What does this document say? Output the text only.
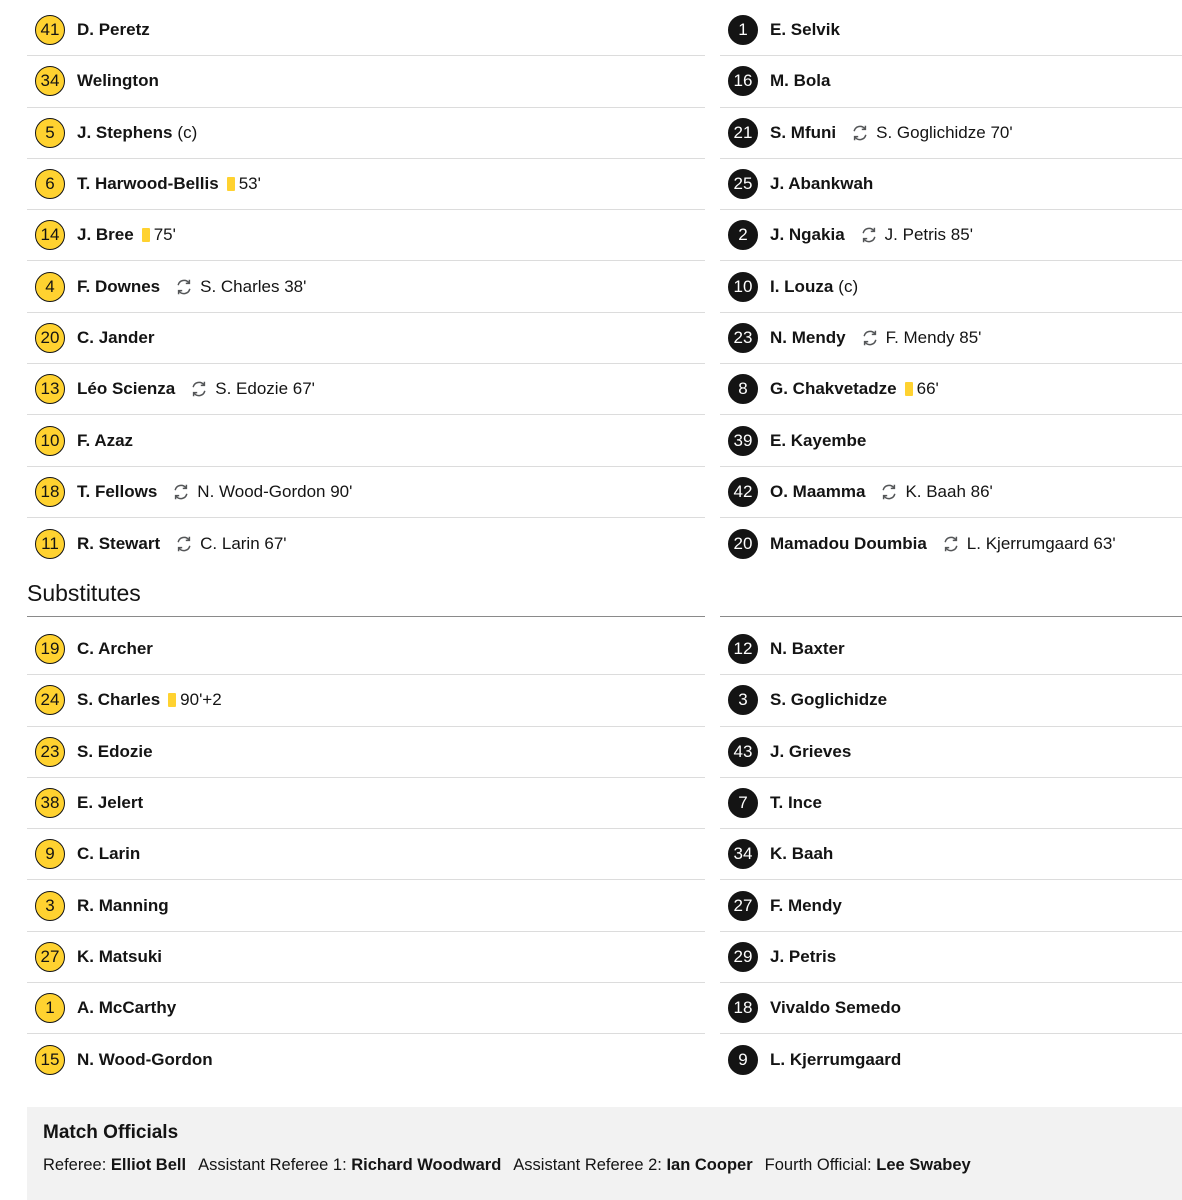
41	D. Peretz
34	Welington
5	J. Stephens (c)
6	T. Harwood-Bellis 53'
14	J. Bree 75'
4	F. Downes S. Charles 38'
20	C. Jander
13	Léo Scienza S. Edozie 67'
10	F. Azaz
18	T. Fellows N. Wood-Gordon 90'
11	R. Stewart C. Larin 67'
1	E. Selvik
16	M. Bola
21	S. Mfuni S. Goglichidze 70'
25	J. Abankwah
2	J. Ngakia J. Petris 85'
10	I. Louza (c)
23	N. Mendy F. Mendy 85'
8	G. Chakvetadze 66'
39	E. Kayembe
42	O. Maamma K. Baah 86'
20	Mamadou Doumbia L. Kjerrumgaard 63'
Substitutes
19	C. Archer
24	S. Charles 90'+2
23	S. Edozie
38	E. Jelert
9	C. Larin
3	R. Manning
27	K. Matsuki
1	A. McCarthy
15	N. Wood-Gordon
12	N. Baxter
3	S. Goglichidze
43	J. Grieves
7	T. Ince
34	K. Baah
27	F. Mendy
29	J. Petris
18	Vivaldo Semedo
9	L. Kjerrumgaard
Match Officials
Referee: Elliot Bell Assistant Referee 1: Richard Woodward Assistant Referee 2: Ian Cooper Fourth Official: Lee Swabey
